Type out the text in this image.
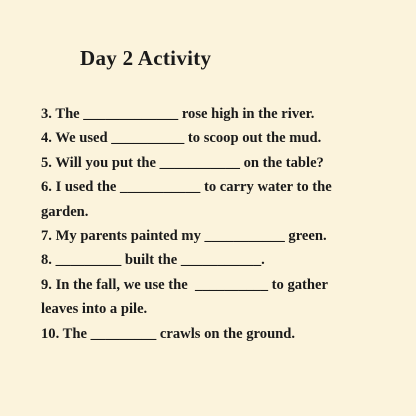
Day 2 Activity
3. The _____________ rose high in the river.
4. We used __________ to scoop out the mud.
5. Will you put the ___________ on the table?
6. I used the ___________ to carry water to the
garden.
7. My parents painted my ___________ green.
8. _________ built the ___________.
9. In the fall, we use the  __________ to gather
leaves into a pile.
10. The _________ crawls on the ground.
